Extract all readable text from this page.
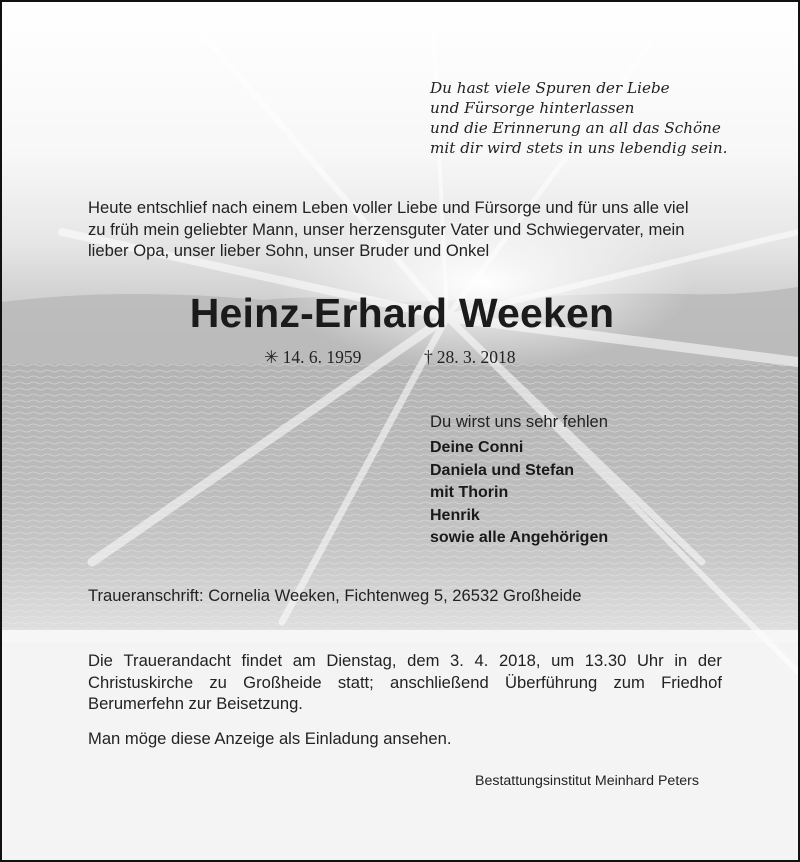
Du hast viele Spuren der Liebe
und Fürsorge hinterlassen
und die Erinnerung an all das Schöne
mit dir wird stets in uns lebendig sein.
Heute entschlief nach einem Leben voller Liebe und Fürsorge und für uns alle viel
zu früh mein geliebter Mann, unser herzensguter Vater und Schwiegervater, mein
lieber Opa, unser lieber Sohn, unser Bruder und Onkel
Heinz-Erhard Weeken
✳ 14. 6. 1959	† 28. 3. 2018
Du wirst uns sehr fehlen
Deine Conni
Daniela und Stefan
mit Thorin
Henrik
sowie alle Angehörigen
Traueranschrift: Cornelia Weeken, Fichtenweg 5, 26532 Großheide
Die Trauerandacht findet am Dienstag, dem 3. 4. 2018, um 13.30 Uhr in der
Christuskirche zu Großheide statt; anschließend Überführung zum Friedhof
Berumerfehn zur Beisetzung.
Man möge diese Anzeige als Einladung ansehen.
Bestattungsinstitut Meinhard Peters
